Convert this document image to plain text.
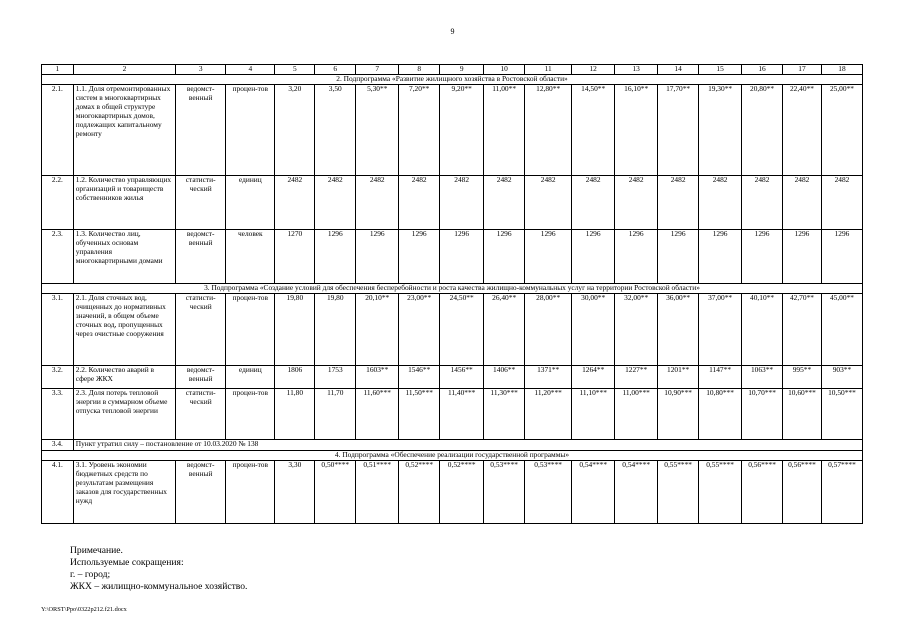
9
1	2	3	4	5	6	7	8	9	10	11	12	13	14	15	16	17	18
2. Подпрограмма «Развитие жилищного хозяйства в Ростовской области»																	
2.1.	1.1. Доля отремонтированных систем в многоквартирных домах в общей структуре многоквартирных домов, подлежащих капитальному ремонту	ведомст-венный	процен-тов	3,20	3,50	5,30**	7,20**	9,20**	11,00**	12,80**	14,50**	16,10**	17,70**	19,30**	20,80**	22,40**	25,00**
2.2.	1.2. Количество управляющих организаций и товариществ собственников жилья	статисти-ческий	единиц	2482	2482	2482	2482	2482	2482	2482	2482	2482	2482	2482	2482	2482	2482
2.3.	1.3. Количество лиц, обученных основам управления многоквартирными домами	ведомст-венный	человек	1270	1296	1296	1296	1296	1296	1296	1296	1296	1296	1296	1296	1296	1296
3. Подпрограмма «Создание условий для обеспечения бесперебойности и роста качества жилищно-коммунальных услуг на территории Ростовской области»																	
3.1.	2.1. Доля сточных вод, очищенных до нормативных значений, в общем объеме сточных вод, пропущенных через очистные сооружения	статисти-ческий	процен-тов	19,80	19,80	20,10**	23,00**	24,50**	26,40**	28,00**	30,00**	32,00**	36,00**	37,00**	40,10**	42,70**	45,00**
3.2.	2.2. Количество аварий в сфере ЖКХ	ведомст-венный	единиц	1806	1753	1603**	1546**	1456**	1406**	1371**	1264**	1227**	1201**	1147**	1063**	995**	903**
3.3.	2.3. Доля потерь тепловой энергии в суммарном объеме отпуска тепловой энергии	статисти-ческий	процен-тов	11,80	11,70	11,60***	11,50***	11,40***	11,30***	11,20***	11,10***	11,00***	10,90***	10,80***	10,70***	10,60***	10,50***
3.4.	Пункт утратил силу – постановление от 10.03.2020 № 138																
4. Подпрограмма «Обеспечение реализации государственной программы»																	
4.1.	3.1. Уровень экономии бюджетных средств по результатам размещения заказов для государственных нужд	ведомст-венный	процен-тов	3,30	0,50****	0,51****	0,52****	0,52****	0,53****	0,53****	0,54****	0,54****	0,55****	0,55****	0,56****	0,56****	0,57****
Примечание.
Используемые сокращения:
г. – город;
ЖКХ – жилищно-коммунальное хозяйство.
Y:\ORST\Ppo\0322p212.f21.docx
